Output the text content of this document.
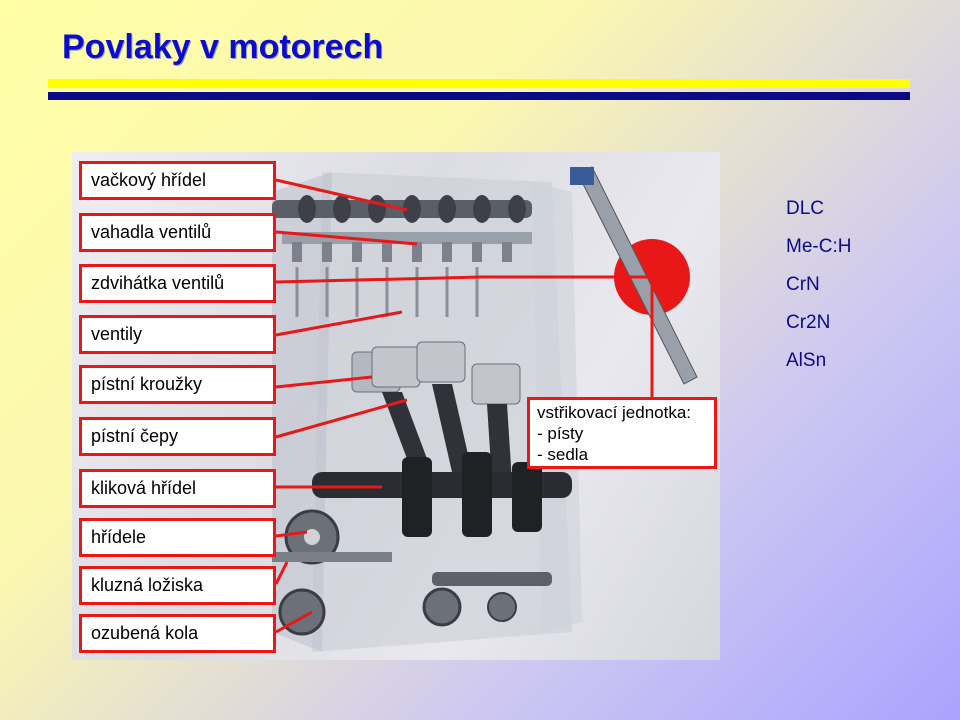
Povlaky v motorech
vačkový hřídel
vahadla ventilů
zdvihátka ventilů
ventily
pístní kroužky
pístní čepy
kliková hřídel
hřídele
kluzná ložiska
ozubená kola
vstřikovací jednotka:
- písty
- sedla
DLC
Me-C:H
CrN
Cr2N
AlSn
